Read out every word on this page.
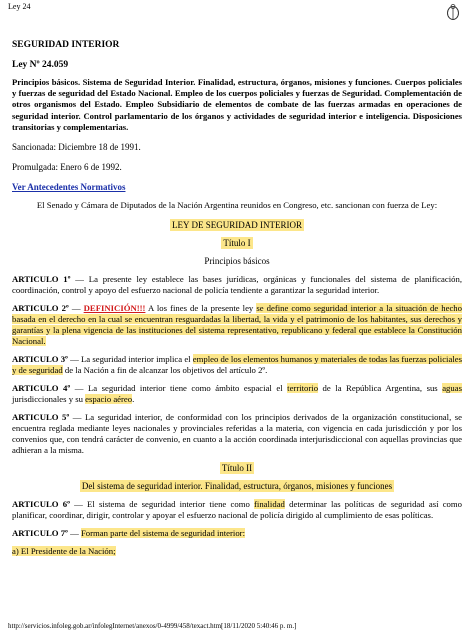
Ley 24
SEGURIDAD INTERIOR
Ley Nº 24.059
Principios básicos. Sistema de Seguridad Interior. Finalidad, estructura, órganos, misiones y funciones. Cuerpos policiales y fuerzas de seguridad del Estado Nacional. Empleo de los cuerpos policiales y fuerzas de Seguridad. Complementación de otros organismos del Estado. Empleo Subsidiario de elementos de combate de las fuerzas armadas en operaciones de seguridad interior. Control parlamentario de los órganos y actividades de seguridad interior e inteligencia. Disposiciones transitorias y complementarias.
Sancionada: Diciembre 18 de 1991.
Promulgada: Enero 6 de 1992.
Ver Antecedentes Normativos
El Senado y Cámara de Diputados de la Nación Argentina reunidos en Congreso, etc. sancionan con fuerza de Ley:
LEY DE SEGURIDAD INTERIOR
Título I
Principios básicos
ARTICULO 1º — La presente ley establece las bases jurídicas, orgánicas y funcionales del sistema de planificación, coordinación, control y apoyo del esfuerzo nacional de policía tendiente a garantizar la seguridad interior.
ARTICULO 2º — DEFINICIÓN!!! A los fines de la presente ley se define como seguridad interior a la situación de hecho basada en el derecho en la cual se encuentran resguardadas la libertad, la vida y el patrimonio de los habitantes, sus derechos y garantías y la plena vigencia de las instituciones del sistema representativo, republicano y federal que establece la Constitución Nacional.
ARTICULO 3º — La seguridad interior implica el empleo de los elementos humanos y materiales de todas las fuerzas policiales y de seguridad de la Nación a fin de alcanzar los objetivos del artículo 2º.
ARTICULO 4º — La seguridad interior tiene como ámbito espacial el territorio de la República Argentina, sus aguas jurisdiccionales y su espacio aéreo.
ARTICULO 5º — La seguridad interior, de conformidad con los principios derivados de la organización constitucional, se encuentra reglada mediante leyes nacionales y provinciales referidas a la materia, con vigencia en cada jurisdicción y por los convenios que, con tendrá carácter de convenio, en cuanto a la acción coordinada interjurisdiccional con aquellas provincias que adhieran a la misma.
Título II
Del sistema de seguridad interior. Finalidad, estructura, órganos, misiones y funciones
ARTICULO 6º — El sistema de seguridad interior tiene como finalidad determinar las políticas de seguridad así como planificar, coordinar, dirigir, controlar y apoyar el esfuerzo nacional de policía dirigido al cumplimiento de esas políticas.
ARTICULO 7º — Forman parte del sistema de seguridad interior:
a) El Presidente de la Nación;
http://servicios.infoleg.gob.ar/infolegInternet/anexos/0-4999/458/texact.htm[18/11/2020 5:40:46 p. m.]
